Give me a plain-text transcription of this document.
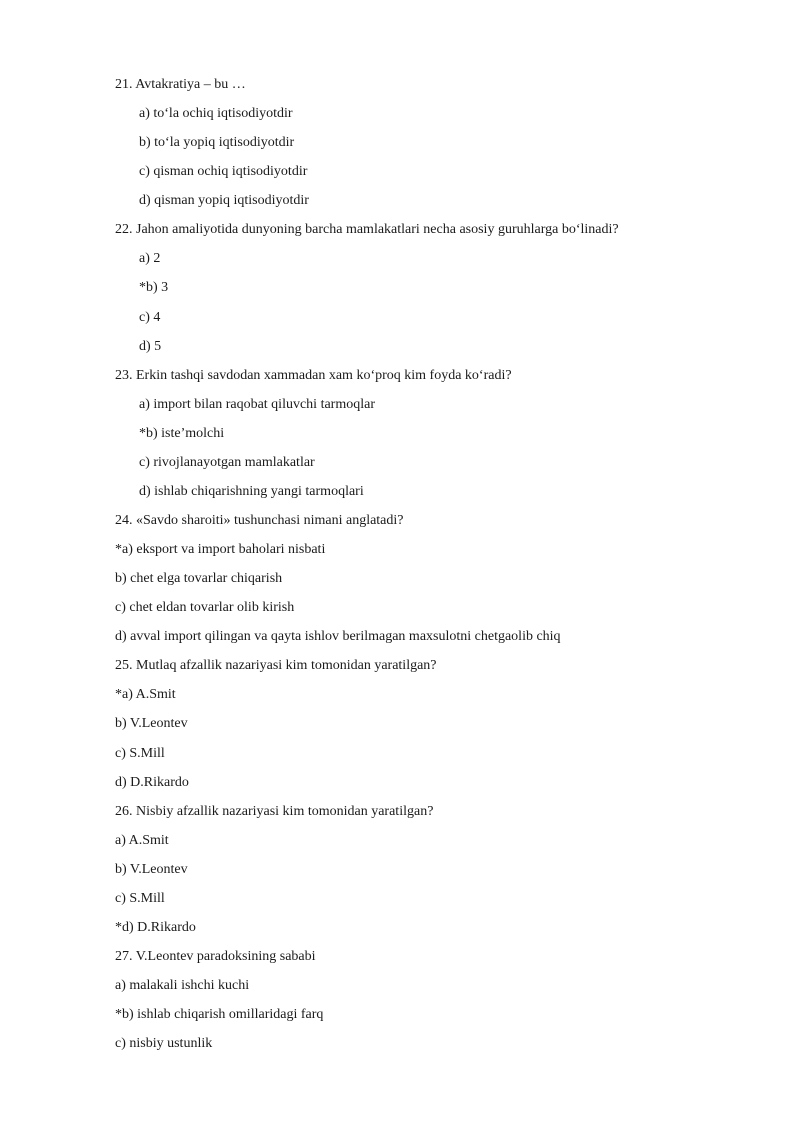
21. Avtakratiya – bu …
a) to‘la ochiq iqtisodiyotdir
b) to‘la yopiq iqtisodiyotdir
c) qisman ochiq iqtisodiyotdir
d) qisman yopiq iqtisodiyotdir
22. Jahon amaliyotida dunyoning barcha mamlakatlari necha asosiy guruhlarga bo‘linadi?
a) 2
*b) 3
c) 4
d) 5
23. Erkin tashqi savdodan xammadan xam ko‘proq kim foyda ko‘radi?
a) import bilan raqobat qiluvchi tarmoqlar
*b) iste’molchi
c) rivojlanayotgan mamlakatlar
d) ishlab chiqarishning yangi tarmoqlari
24. «Savdo sharoiti» tushunchasi nimani anglatadi?
*a) eksport va import baholari nisbati
b) chet elga tovarlar chiqarish
c) chet eldan tovarlar olib kirish
d) avval import qilingan va qayta ishlov berilmagan maxsulotni chetgaolib chiq
25. Mutlaq afzallik nazariyasi kim tomonidan yaratilgan?
*a) A.Smit
b) V.Leontev
c) S.Mill
d) D.Rikardo
26. Nisbiy afzallik nazariyasi kim tomonidan yaratilgan?
a) A.Smit
b) V.Leontev
c) S.Mill
*d) D.Rikardo
27. V.Leontev paradoksining sababi
a) malakali ishchi kuchi
*b) ishlab chiqarish omillaridagi farq
c) nisbiy ustunlik
